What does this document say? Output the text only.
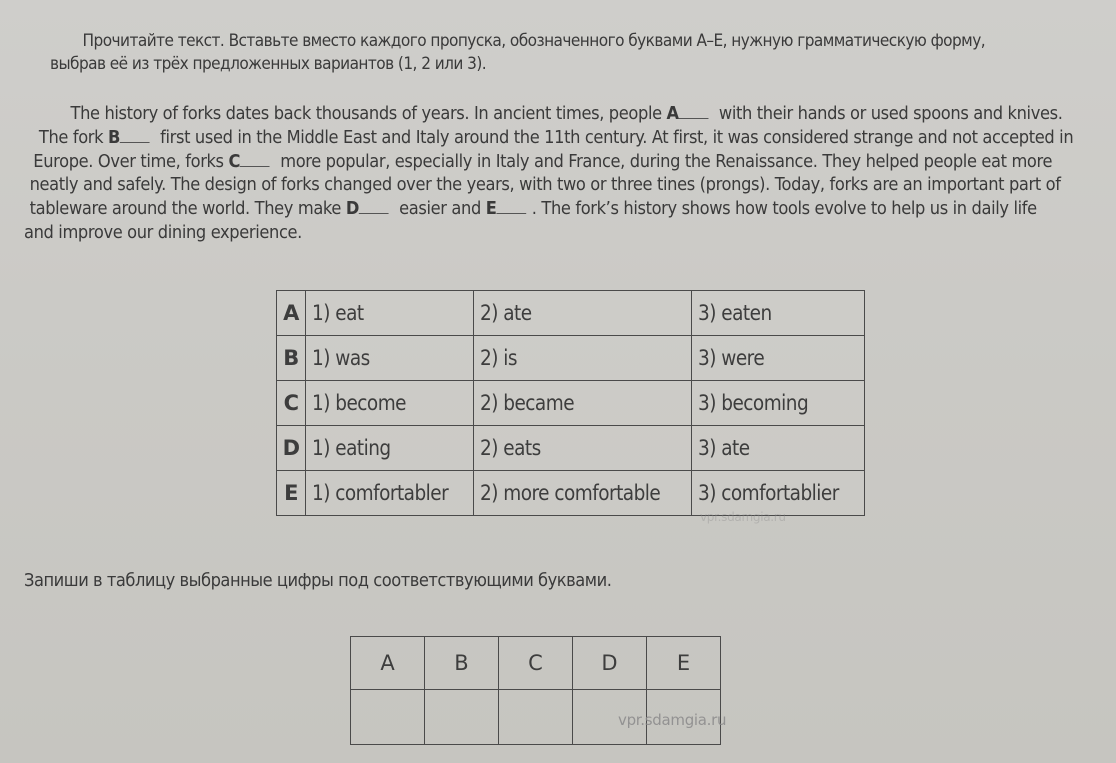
Прочитайте текст. Вставьте вместо каждого пропуска, обозначенного буквами A–E, нужную грамматическую форму, выбрав её из трёх предложенных вариантов (1, 2 или 3).
The history of forks dates back thousands of years. In ancient times, people A with their hands or used spoons and knives.
The fork B first used in the Middle East and Italy around the 11th century. At first, it was considered strange and not accepted in
Europe. Over time, forks C more popular, especially in Italy and France, during the Renaissance. They helped people eat more
neatly and safely. The design of forks changed over the years, with two or three tines (prongs). Today, forks are an important part of
tableware around the world. They make D easier and E . The fork’s history shows how tools evolve to help us in daily life
and improve our dining experience.
A	1) eat	2) ate	3) eaten
B	1) was	2) is	3) were
C	1) become	2) became	3) becoming
D	1) eating	2) eats	3) ate
E	1) comfortabler	2) more comfortable	3) comfortablier
Запиши в таблицу выбранные цифры под соответствующими буквами.
A	B	C	D	E

vpr.sdamgia.ru
vpr.sdamgia.ru
